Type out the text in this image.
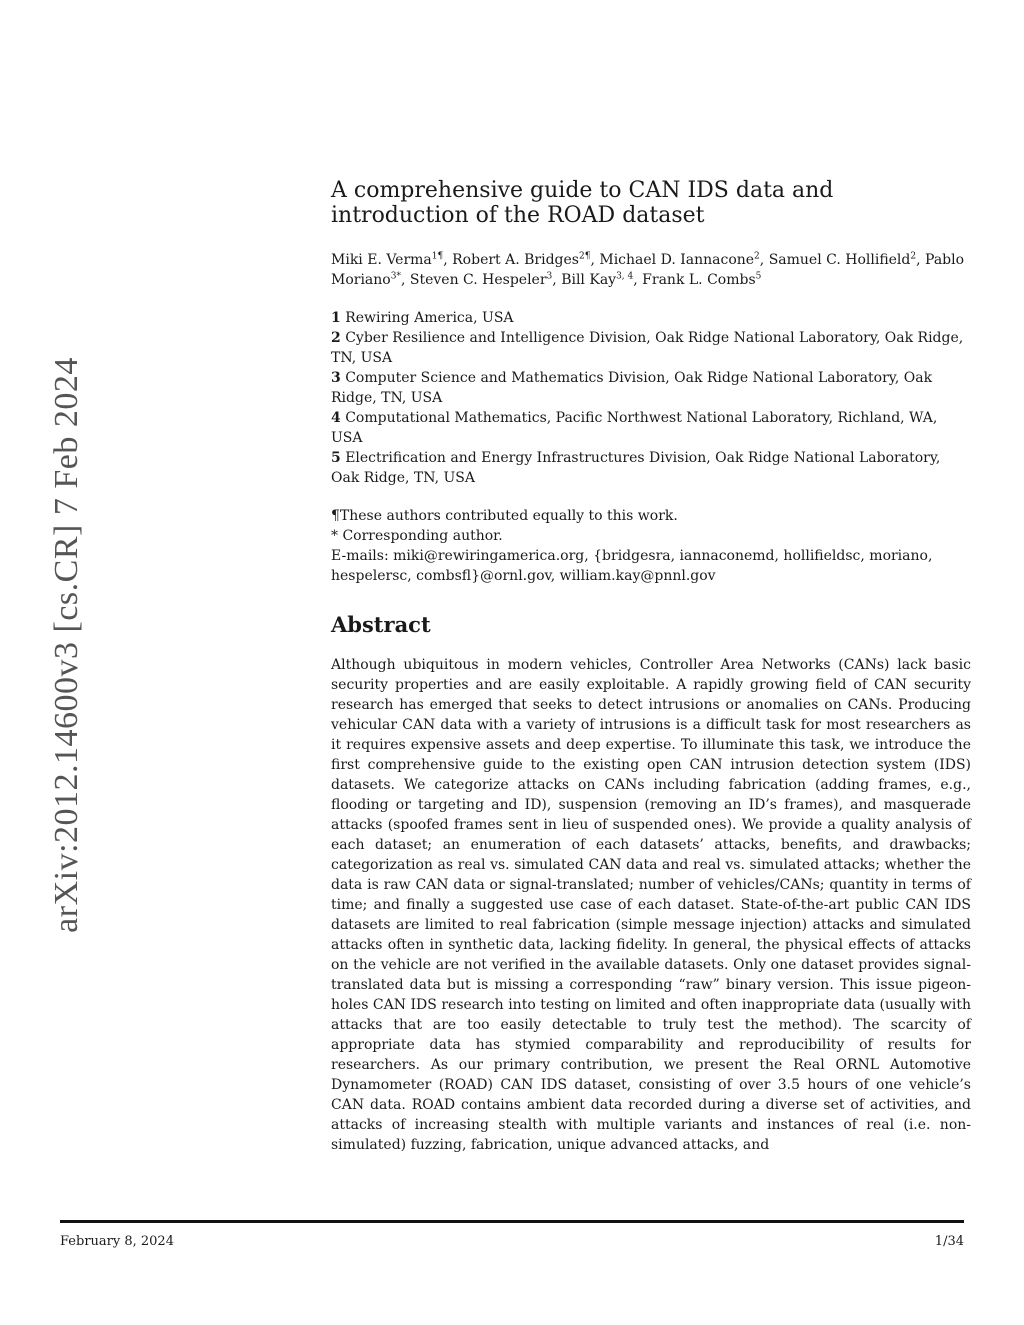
arXiv:2012.14600v3 [cs.CR] 7 Feb 2024
A comprehensive guide to CAN IDS data and introduction of the ROAD dataset

Miki E. Verma$^{1\P}$, Robert A. Bridges$^{2\P}$, Michael D. Iannacone$^2$, Samuel C. Hollifield$^2$, Pablo Moriano$^{3*}$, Steven C. Hespeler$^3$, Bill Kay$^{3, 4}$, Frank L. Combs$^5$

1 Rewiring America, USA
2 Cyber Resilience and Intelligence Division, Oak Ridge National Laboratory, Oak Ridge, TN, USA
3 Computer Science and Mathematics Division, Oak Ridge National Laboratory, Oak Ridge, TN, USA
4 Computational Mathematics, Pacific Northwest National Laboratory, Richland, WA, USA
5 Electrification and Energy Infrastructures Division, Oak Ridge National Laboratory, Oak Ridge, TN, USA
¶These authors contributed equally to this work.
* Corresponding author.
E-mails: miki@rewiringamerica.org, {bridgesra, iannaconemd, hollifieldsc, moriano, hespelersc, combsfl}@ornl.gov, william.kay@pnnl.gov
Abstract

Although ubiquitous in modern vehicles, Controller Area Networks (CANs) lack basic security properties and are easily exploitable. A rapidly growing field of CAN security research has emerged that seeks to detect intrusions or anomalies on CANs. Producing vehicular CAN data with a variety of intrusions is a difficult task for most researchers as it requires expensive assets and deep expertise. To illuminate this task, we introduce the first comprehensive guide to the existing open CAN intrusion detection system (IDS) datasets. We categorize attacks on CANs including fabrication (adding frames, e.g., flooding or targeting and ID), suspension (removing an ID’s frames), and masquerade attacks (spoofed frames sent in lieu of suspended ones). We provide a quality analysis of each dataset; an enumeration of each datasets’ attacks, benefits, and drawbacks; categorization as real vs. simulated CAN data and real vs. simulated attacks; whether the data is raw CAN data or signal-translated; number of vehicles/CANs; quantity in terms of time; and finally a suggested use case of each dataset. State-of-the-art public CAN IDS datasets are limited to real fabrication (simple message injection) attacks and simulated attacks often in synthetic data, lacking fidelity. In general, the physical effects of attacks on the vehicle are not verified in the available datasets. Only one dataset provides signal-translated data but is missing a corresponding “raw” binary version. This issue pigeon-holes CAN IDS research into testing on limited and often inappropriate data (usually with attacks that are too easily detectable to truly test the method). The scarcity of appropriate data has stymied comparability and reproducibility of results for researchers. As our primary contribution, we present the Real ORNL Automotive Dynamometer (ROAD) CAN IDS dataset, consisting of over 3.5 hours of one vehicle’s CAN data. ROAD contains ambient data recorded during a diverse set of activities, and attacks of increasing stealth with multiple variants and instances of real (i.e. non-simulated) fuzzing, fabrication, unique advanced attacks, and

February 8, 2024	1/34
